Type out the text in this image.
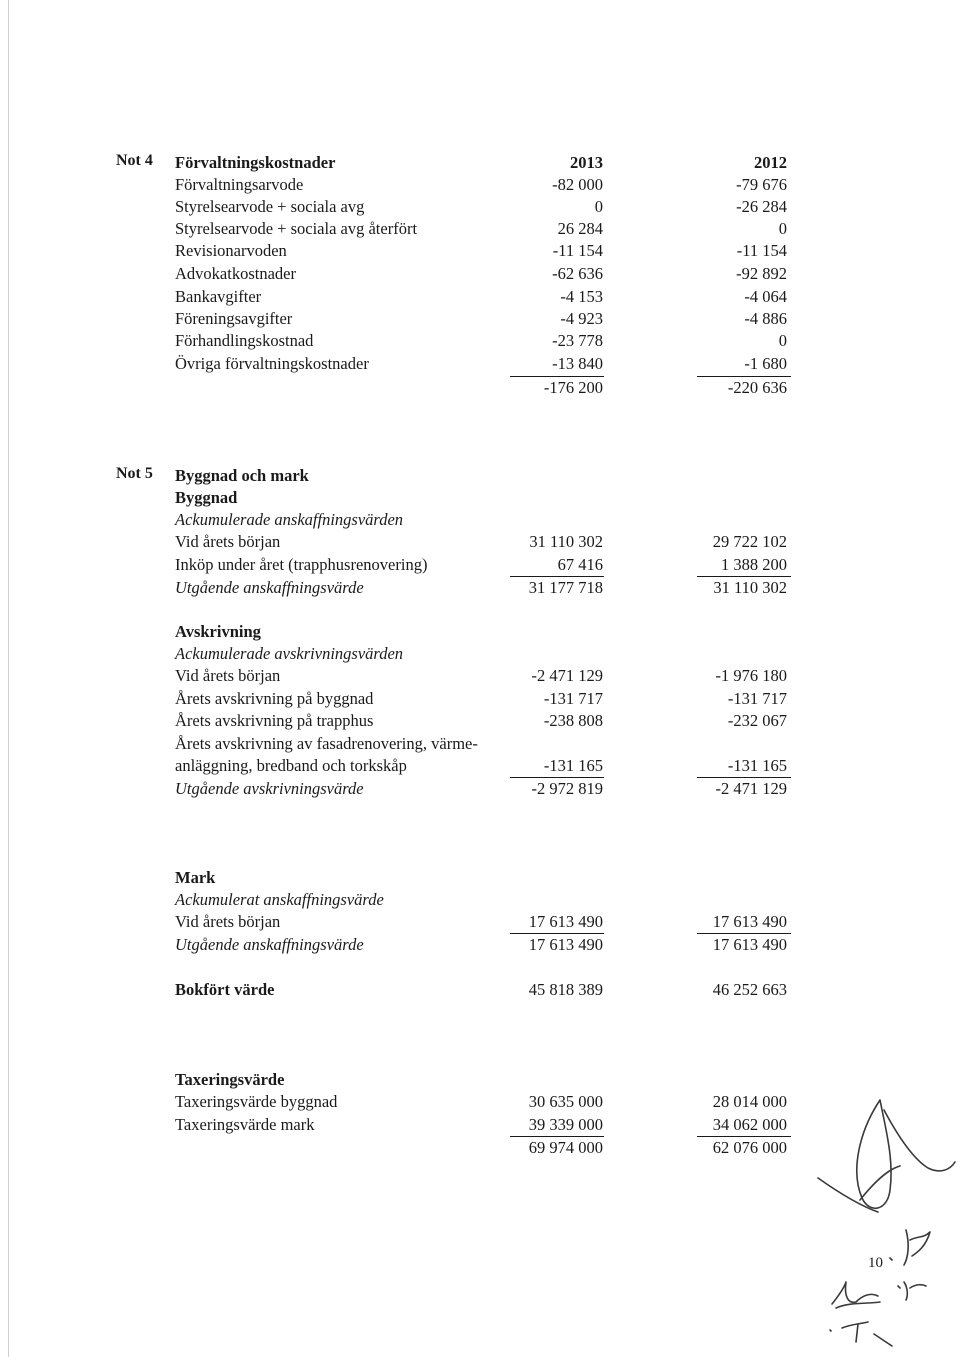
Not 4 Förvaltningskostnader	2013	2012
Förvaltningsarvode	-82 000	-79 676
Styrelsearvode + sociala avg	0	-26 284
Styrelsearvode + sociala avg återfört	26 284	0
Revisionarvoden	-11 154	-11 154
Advokatkostnader	-62 636	-92 892
Bankavgifter	-4 153	-4 064
Föreningsavgifter	-4 923	-4 886
Förhandlingskostnad	-23 778	0
Övriga förvaltningskostnader	-13 840	-1 680
-176 200	-220 636
Not 5 Byggnad och mark
Byggnad
Ackumulerade anskaffningsvärden
Vid årets början	31 110 302	29 722 102
Inköp under året (trapphusrenovering)	67 416	1 388 200
Utgående anskaffningsvärde	31 177 718	31 110 302
Avskrivning
Ackumulerade avskrivningsvärden
Vid årets början	-2 471 129	-1 976 180
Årets avskrivning på byggnad	-131 717	-131 717
Årets avskrivning på trapphus	-238 808	-232 067
Årets avskrivning av fasadrenovering, värme-
anläggning, bredband och torkskåp	-131 165	-131 165
Utgående avskrivningsvärde	-2 972 819	-2 471 129
Mark
Ackumulerat anskaffningsvärde
Vid årets början	17 613 490	17 613 490
Utgående anskaffningsvärde	17 613 490	17 613 490
Bokfört värde	45 818 389	46 252 663
Taxeringsvärde
Taxeringsvärde byggnad	30 635 000	28 014 000
Taxeringsvärde mark	39 339 000	34 062 000
69 974 000	62 076 000
10
